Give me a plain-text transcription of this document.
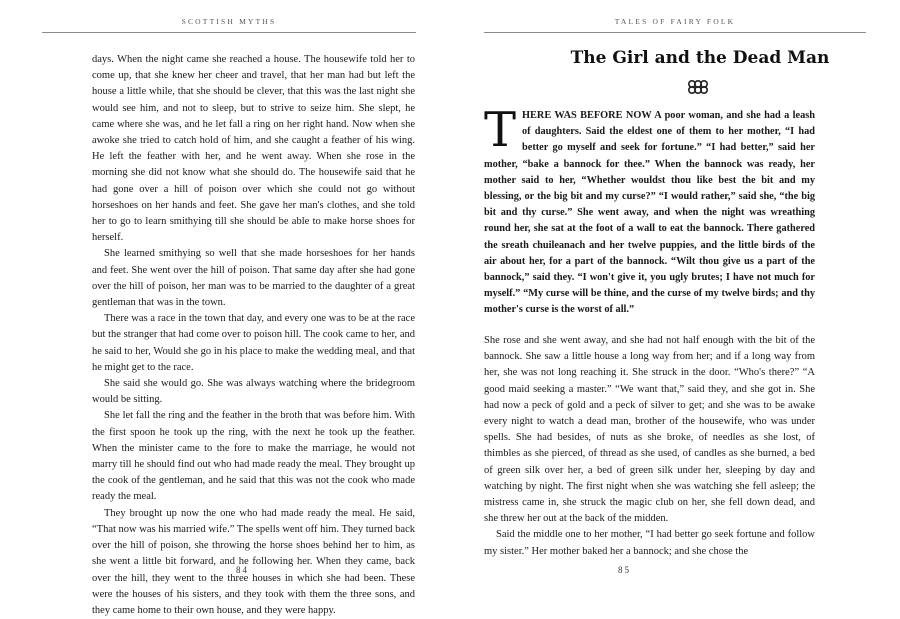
SCOTTISH MYTHS

days. When the night came she reached a house. The housewife told her to come up, that she knew her cheer and travel, that her man had but left the house a little while, that she should be clever, that this was the last night she would see him, and not to sleep, but to strive to seize him. She slept, he came where she was, and he let fall a ring on her right hand. Now when she awoke she tried to catch hold of him, and she caught a feather of his wing. He left the feather with her, and he went away. When she rose in the morning she did not know what she should do. The housewife said that he had gone over a hill of poison over which she could not go without horseshoes on her hands and feet. She gave her man's clothes, and she told her to go to learn smithying till she should be able to make horse shoes for herself.

She learned smithying so well that she made horseshoes for her hands and feet. She went over the hill of poison. That same day after she had gone over the hill of poison, her man was to be married to the daughter of a great gentleman that was in the town.

There was a race in the town that day, and every one was to be at the race but the stranger that had come over to poison hill. The cook came to her, and he said to her, Would she go in his place to make the wedding meal, and that he might get to the race.

She said she would go. She was always watching where the bridegroom would be sitting.

She let fall the ring and the feather in the broth that was before him. With the first spoon he took up the ring, with the next he took up the feather. When the minister came to the fore to make the marriage, he would not marry till he should find out who had made ready the meal. They brought up the cook of the gentleman, and he said that this was not the cook who made ready the meal.

They brought up now the one who had made ready the meal. He said, “That now was his married wife.” The spells went off him. They turned back over the hill of poison, she throwing the horse shoes behind her to him, as she went a little bit forward, and he following her. When they came, back over the hill, they went to the three houses in which she had been. These were the houses of his sisters, and they took with them the three sons, and they came home to their own house, and they were happy.

84
TALES OF FAIRY FOLK
The Girl and the Dead Man

THERE WAS BEFORE NOW A poor woman, and she had a leash of daughters. Said the eldest one of them to her mother, “I had better go myself and seek for fortune.” “I had better,” said her mother, “bake a bannock for thee.” When the bannock was ready, her mother said to her, “Whether wouldst thou like best the bit and my blessing, or the big bit and my curse?” “I would rather,” said she, “the big bit and thy curse.” She went away, and when the night was wreathing round her, she sat at the foot of a wall to eat the bannock. There gathered the sreath chuileanach and her twelve puppies, and the little birds of the air about her, for a part of the bannock. “Wilt thou give us a part of the bannock,” said they. “I won't give it, you ugly brutes; I have not much for myself.” “My curse will be thine, and the curse of my twelve birds; and thy mother's curse is the worst of all.”

She rose and she went away, and she had not half enough with the bit of the bannock. She saw a little house a long way from her; and if a long way from her, she was not long reaching it. She struck in the door. “Who's there?” “A good maid seeking a master.” “We want that,” said they, and she got in. She had now a peck of gold and a peck of silver to get; and she was to be awake every night to watch a dead man, brother of the housewife, who was under spells. She had besides, of nuts as she broke, of needles as she lost, of thimbles as she pierced, of thread as she used, of candles as she burned, a bed of green silk over her, a bed of green silk under her, sleeping by day and watching by night. The first night when she was watching she fell asleep; the mistress came in, she struck the magic club on her, she fell down dead, and she threw her out at the back of the midden.

Said the middle one to her mother, “I had better go seek fortune and follow my sister.” Her mother baked her a bannock; and she chose the

85
